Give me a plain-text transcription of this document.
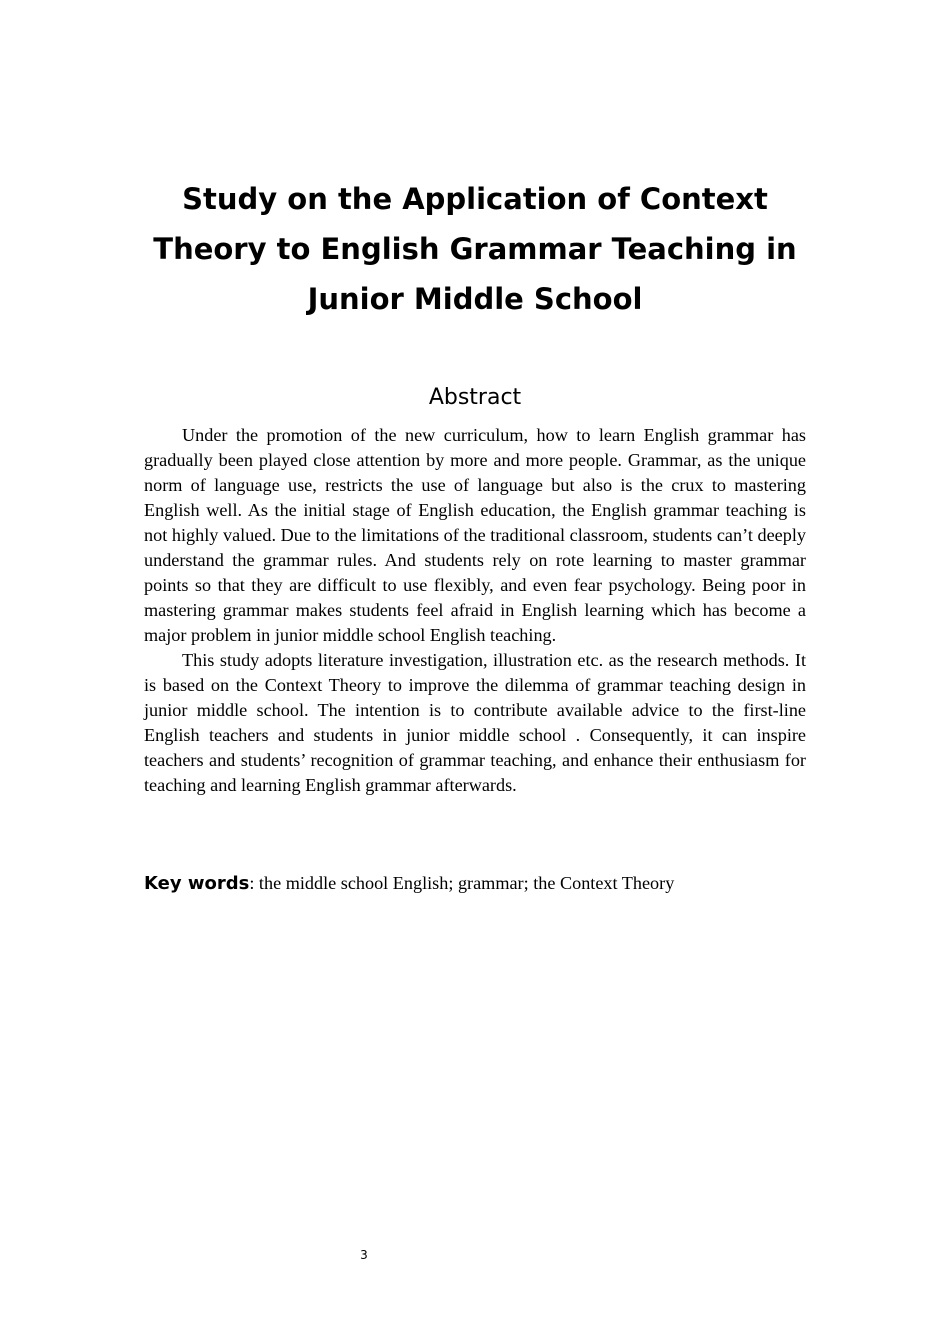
Study on the Application of Context Theory to English Grammar Teaching in Junior Middle School
Abstract

Under the promotion of the new curriculum, how to learn English grammar has gradually been played close attention by more and more people. Grammar, as the unique norm of language use, restricts the use of language but also is the crux to mastering English well. As the initial stage of English education, the English grammar teaching is not highly valued. Due to the limitations of the traditional classroom, students can’t deeply understand the grammar rules. And students rely on rote learning to master grammar points so that they are difficult to use flexibly, and even fear psychology. Being poor in mastering grammar makes students feel afraid in English learning which has become a major problem in junior middle school English teaching.

This study adopts literature investigation, illustration etc. as the research methods. It is based on the Context Theory to improve the dilemma of grammar teaching design in junior middle school. The intention is to contribute available advice to the first-line English teachers and students in junior middle school . Consequently, it can inspire teachers and students’ recognition of grammar teaching, and enhance their enthusiasm for teaching and learning English grammar afterwards.

Key words: the middle school English; grammar; the Context Theory

3
